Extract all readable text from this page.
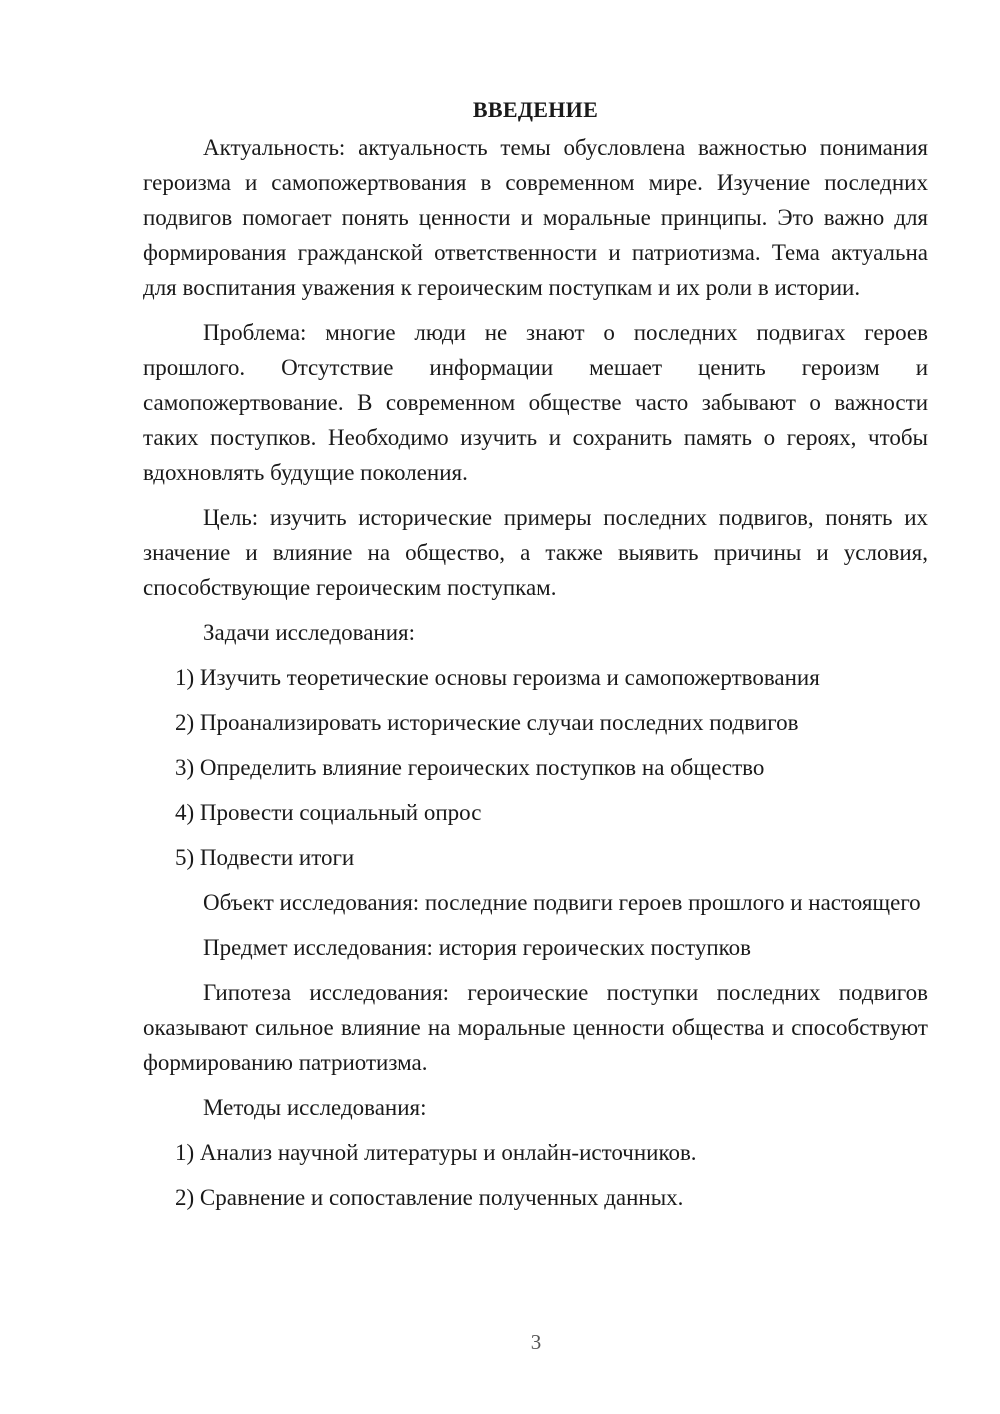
ВВЕДЕНИЕ

Актуальность: актуальность темы обусловлена важностью понимания героизма и самопожертвования в современном мире. Изучение последних подвигов помогает понять ценности и моральные принципы. Это важно для формирования гражданской ответственности и патриотизма. Тема актуальна для воспитания уважения к героическим поступкам и их роли в истории.

Проблема: многие люди не знают о последних подвигах героев прошлого. Отсутствие информации мешает ценить героизм и самопожертвование. В современном обществе часто забывают о важности таких поступков. Необходимо изучить и сохранить память о героях, чтобы вдохновлять будущие поколения.

Цель: изучить исторические примеры последних подвигов, понять их значение и влияние на общество, а также выявить причины и условия, способствующие героическим поступкам.

Задачи исследования:

1) Изучить теоретические основы героизма и самопожертвования

2) Проанализировать исторические случаи последних подвигов

3) Определить влияние героических поступков на общество

4) Провести социальный опрос

5) Подвести итоги

Объект исследования: последние подвиги героев прошлого и настоящего

Предмет исследования: история героических поступков

Гипотеза исследования: героические поступки последних подвигов оказывают сильное влияние на моральные ценности общества и способствуют формированию патриотизма.

Методы исследования:

1) Анализ научной литературы и онлайн-источников.

2) Сравнение и сопоставление полученных данных.

3
